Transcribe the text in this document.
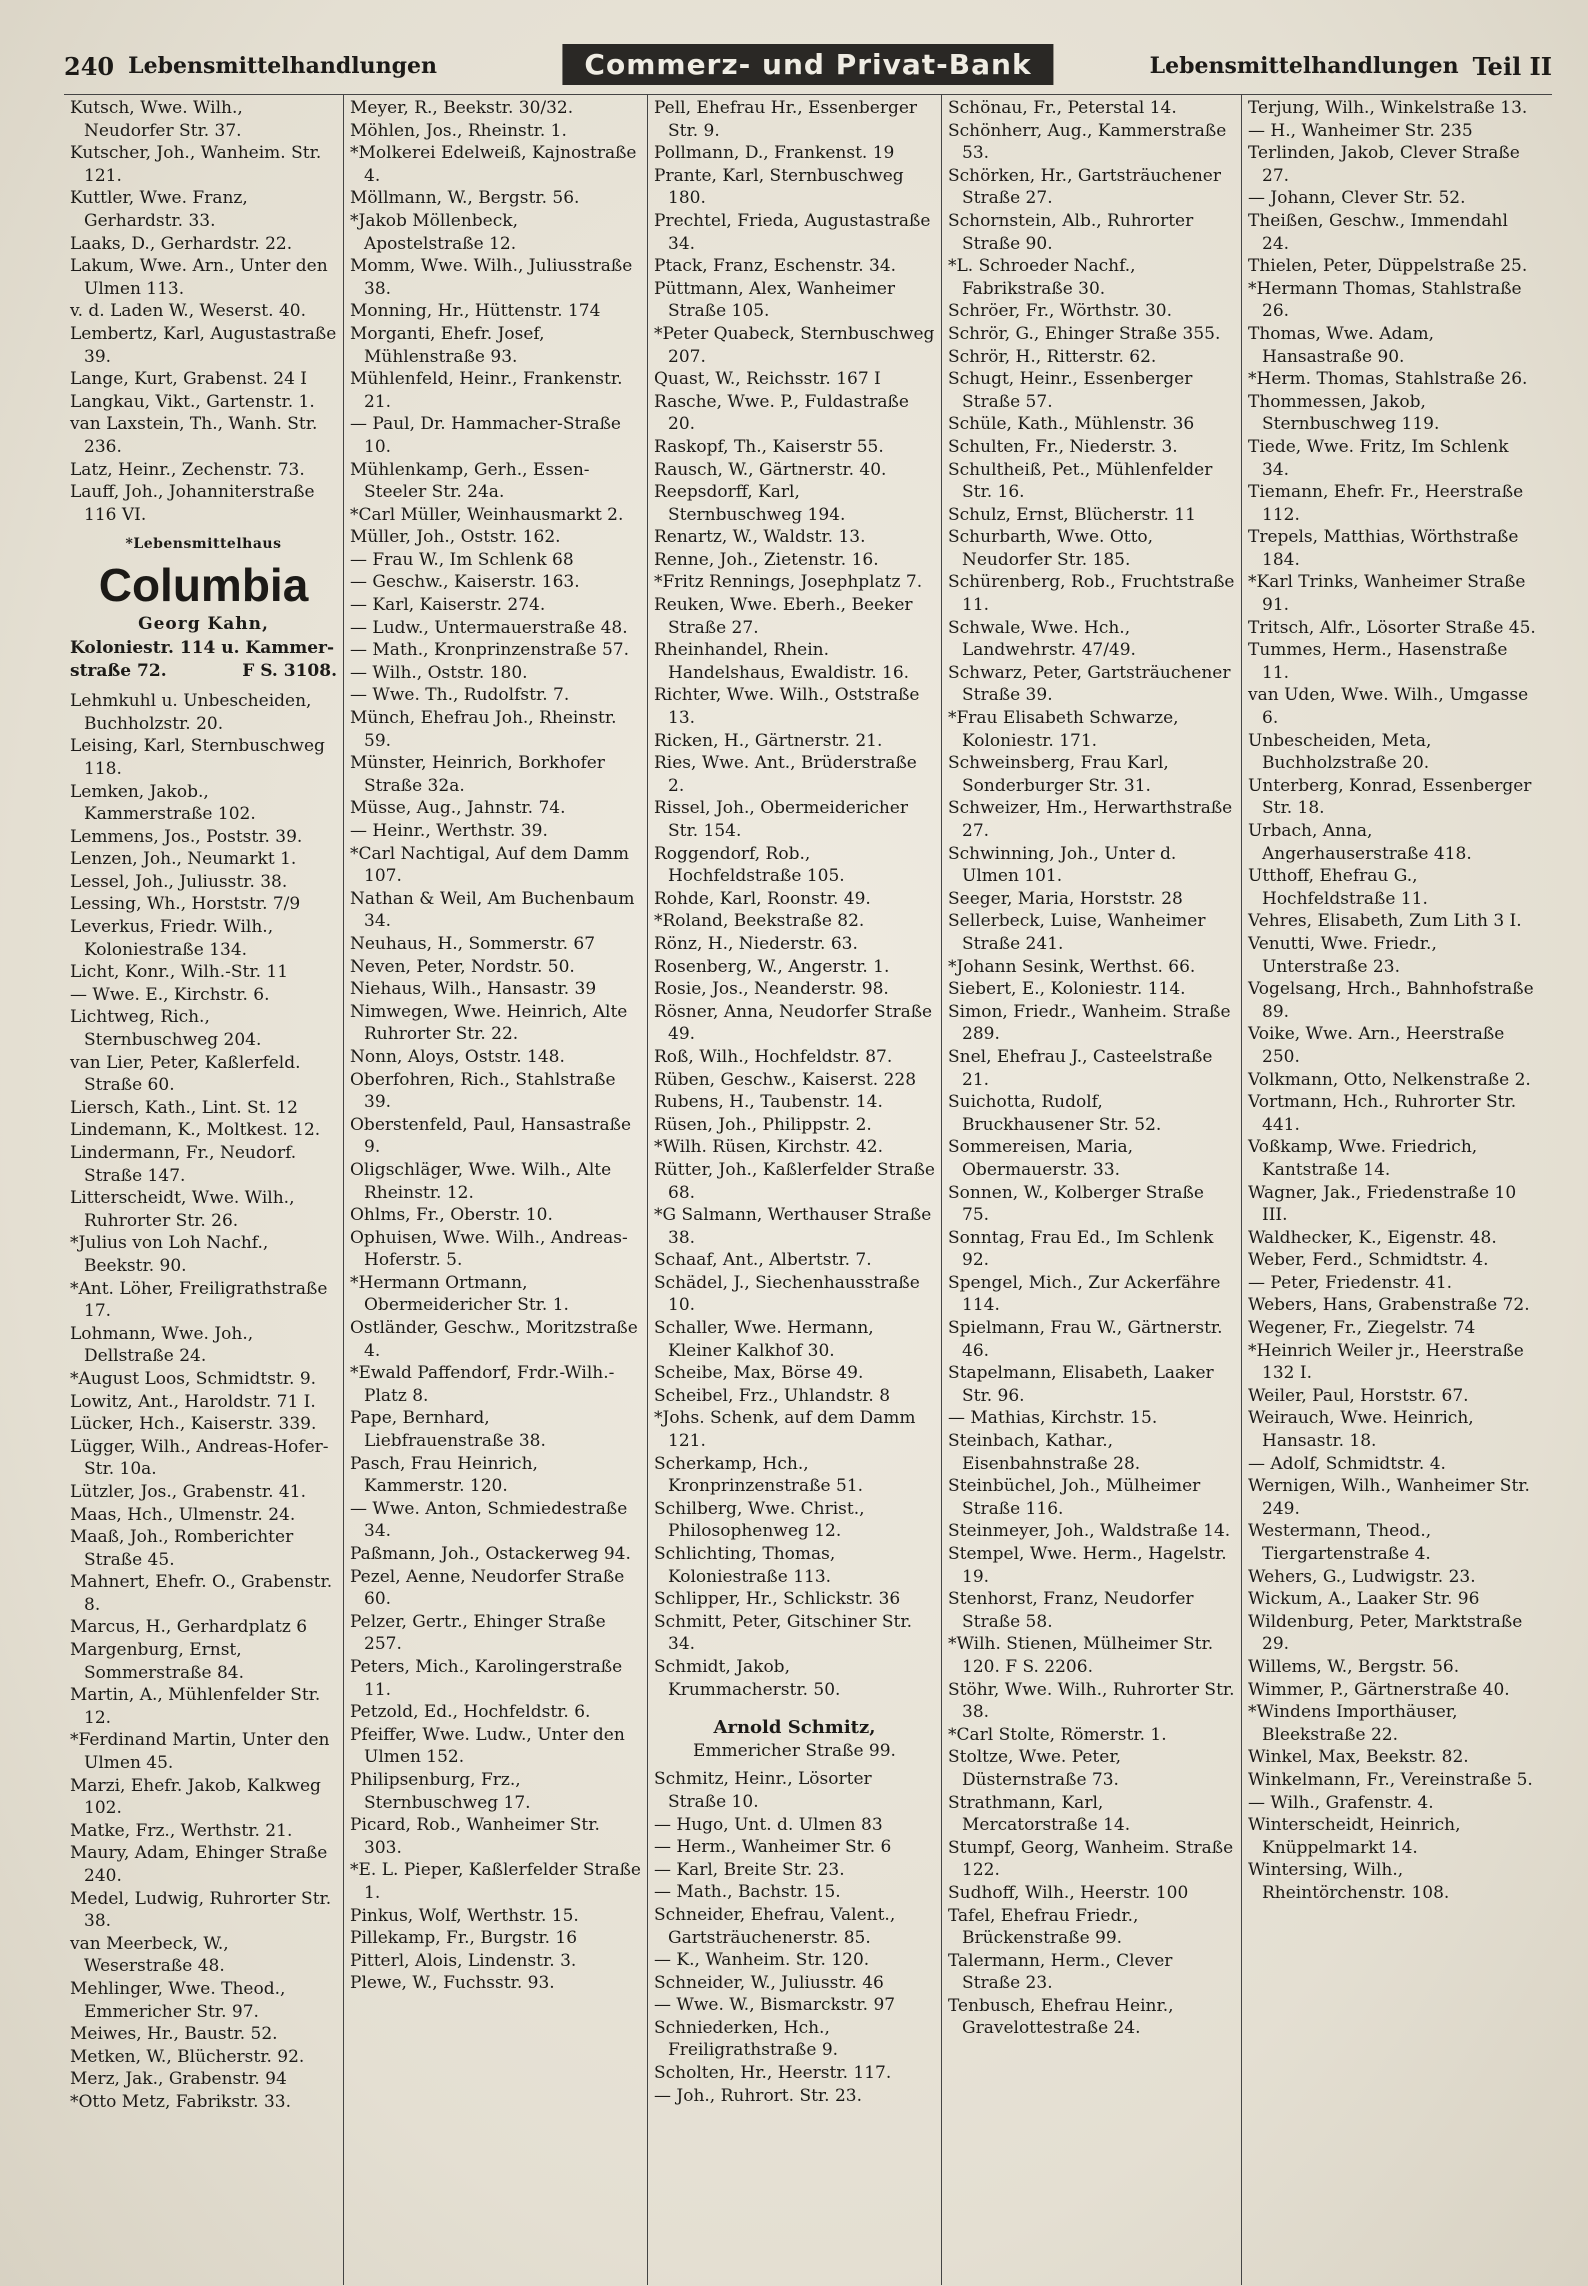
240 Lebensmittelhandlungen	Commerz- und Privat-Bank	Lebensmittelhandlungen Teil II

Kutsch, Wwe. Wilh., Neudorfer Str. 37.

Kutscher, Joh., Wanheim. Str. 121.

Kuttler, Wwe. Franz, Gerhardstr. 33.

Laaks, D., Gerhardstr. 22.

Lakum, Wwe. Arn., Unter den Ulmen 113.

v. d. Laden W., Weserst. 40.

Lembertz, Karl, Augustastraße 39.

Lange, Kurt, Grabenst. 24 I

Langkau, Vikt., Gartenstr. 1.

van Laxstein, Th., Wanh. Str. 236.

Latz, Heinr., Zechenstr. 73.

Lauff, Joh., Johanniterstraße 116 VI.

*Lebensmittelhaus
Columbia
Georg Kahn,
Koloniestr. 114 u. Kammer-
straße 72.	F S. 3108.

Lehmkuhl u. Unbescheiden, Buchholzstr. 20.

Leising, Karl, Sternbuschweg 118.

Lemken, Jakob., Kammerstraße 102.

Lemmens, Jos., Poststr. 39.

Lenzen, Joh., Neumarkt 1.

Lessel, Joh., Juliusstr. 38.

Lessing, Wh., Horststr. 7/9

Leverkus, Friedr. Wilh., Koloniestraße 134.

Licht, Konr., Wilh.-Str. 11

— Wwe. E., Kirchstr. 6.

Lichtweg, Rich., Sternbuschweg 204.

van Lier, Peter, Kaßlerfeld. Straße 60.

Liersch, Kath., Lint. St. 12

Lindemann, K., Moltkest. 12.

Lindermann, Fr., Neudorf. Straße 147.

Litterscheidt, Wwe. Wilh., Ruhrorter Str. 26.

*Julius von Loh Nachf., Beekstr. 90.

*Ant. Löher, Freiligrathstraße 17.

Lohmann, Wwe. Joh., Dellstraße 24.

*August Loos, Schmidtstr. 9.

Lowitz, Ant., Haroldstr. 71 I.

Lücker, Hch., Kaiserstr. 339.

Lügger, Wilh., Andreas-Hofer-Str. 10a.

Lützler, Jos., Grabenstr. 41.

Maas, Hch., Ulmenstr. 24.

Maaß, Joh., Romberichter Straße 45.

Mahnert, Ehefr. O., Grabenstr. 8.

Marcus, H., Gerhardplatz 6

Margenburg, Ernst, Sommerstraße 84.

Martin, A., Mühlenfelder Str. 12.

*Ferdinand Martin, Unter den Ulmen 45.

Marzi, Ehefr. Jakob, Kalkweg 102.

Matke, Frz., Werthstr. 21.

Maury, Adam, Ehinger Straße 240.

Medel, Ludwig, Ruhrorter Str. 38.

van Meerbeck, W., Weserstraße 48.

Mehlinger, Wwe. Theod., Emmericher Str. 97.

Meiwes, Hr., Baustr. 52.

Metken, W., Blücherstr. 92.

Merz, Jak., Grabenstr. 94

*Otto Metz, Fabrikstr. 33.

Meyer, R., Beekstr. 30/32.

Möhlen, Jos., Rheinstr. 1.

*Molkerei Edelweiß, Kajnostraße 4.

Möllmann, W., Bergstr. 56.

*Jakob Möllenbeck, Apostelstraße 12.

Momm, Wwe. Wilh., Juliusstraße 38.

Monning, Hr., Hüttenstr. 174

Morganti, Ehefr. Josef, Mühlenstraße 93.

Mühlenfeld, Heinr., Frankenstr. 21.

— Paul, Dr. Hammacher-Straße 10.

Mühlenkamp, Gerh., Essen-Steeler Str. 24a.

*Carl Müller, Weinhausmarkt 2.

Müller, Joh., Oststr. 162.

— Frau W., Im Schlenk 68

— Geschw., Kaiserstr. 163.

— Karl, Kaiserstr. 274.

— Ludw., Untermauerstraße 48.

— Math., Kronprinzenstraße 57.

— Wilh., Oststr. 180.

— Wwe. Th., Rudolfstr. 7.

Münch, Ehefrau Joh., Rheinstr. 59.

Münster, Heinrich, Borkhofer Straße 32a.

Müsse, Aug., Jahnstr. 74.

— Heinr., Werthstr. 39.

*Carl Nachtigal, Auf dem Damm 107.

Nathan & Weil, Am Buchenbaum 34.

Neuhaus, H., Sommerstr. 67

Neven, Peter, Nordstr. 50.

Niehaus, Wilh., Hansastr. 39

Nimwegen, Wwe. Heinrich, Alte Ruhrorter Str. 22.

Nonn, Aloys, Oststr. 148.

Oberfohren, Rich., Stahlstraße 39.

Oberstenfeld, Paul, Hansastraße 9.

Oligschläger, Wwe. Wilh., Alte Rheinstr. 12.

Ohlms, Fr., Oberstr. 10.

Ophuisen, Wwe. Wilh., Andreas-Hoferstr. 5.

*Hermann Ortmann, Obermeidericher Str. 1.

Ostländer, Geschw., Moritzstraße 4.

*Ewald Paffendorf, Frdr.-Wilh.-Platz 8.

Pape, Bernhard, Liebfrauenstraße 38.

Pasch, Frau Heinrich, Kammerstr. 120.

— Wwe. Anton, Schmiedestraße 34.

Paßmann, Joh., Ostackerweg 94.

Pezel, Aenne, Neudorfer Straße 60.

Pelzer, Gertr., Ehinger Straße 257.

Peters, Mich., Karolingerstraße 11.

Petzold, Ed., Hochfeldstr. 6.

Pfeiffer, Wwe. Ludw., Unter den Ulmen 152.

Philipsenburg, Frz., Sternbuschweg 17.

Picard, Rob., Wanheimer Str. 303.

*E. L. Pieper, Kaßlerfelder Straße 1.

Pinkus, Wolf, Werthstr. 15.

Pillekamp, Fr., Burgstr. 16

Pitterl, Alois, Lindenstr. 3.

Plewe, W., Fuchsstr. 93.

Pell, Ehefrau Hr., Essenberger Str. 9.

Pollmann, D., Frankenst. 19

Prante, Karl, Sternbuschweg 180.

Prechtel, Frieda, Augustastraße 34.

Ptack, Franz, Eschenstr. 34.

Püttmann, Alex, Wanheimer Straße 105.

*Peter Quabeck, Sternbuschweg 207.

Quast, W., Reichsstr. 167 I

Rasche, Wwe. P., Fuldastraße 20.

Raskopf, Th., Kaiserstr 55.

Rausch, W., Gärtnerstr. 40.

Reepsdorff, Karl, Sternbuschweg 194.

Renartz, W., Waldstr. 13.

Renne, Joh., Zietenstr. 16.

*Fritz Rennings, Josephplatz 7.

Reuken, Wwe. Eberh., Beeker Straße 27.

Rheinhandel, Rhein. Handelshaus, Ewaldistr. 16.

Richter, Wwe. Wilh., Oststraße 13.

Ricken, H., Gärtnerstr. 21.

Ries, Wwe. Ant., Brüderstraße 2.

Rissel, Joh., Obermeidericher Str. 154.

Roggendorf, Rob., Hochfeldstraße 105.

Rohde, Karl, Roonstr. 49.

*Roland, Beekstraße 82.

Rönz, H., Niederstr. 63.

Rosenberg, W., Angerstr. 1.

Rosie, Jos., Neanderstr. 98.

Rösner, Anna, Neudorfer Straße 49.

Roß, Wilh., Hochfeldstr. 87.

Rüben, Geschw., Kaiserst. 228

Rubens, H., Taubenstr. 14.

Rüsen, Joh., Philippstr. 2.

*Wilh. Rüsen, Kirchstr. 42.

Rütter, Joh., Kaßlerfelder Straße 68.

*G Salmann, Werthauser Straße 38.

Schaaf, Ant., Albertstr. 7.

Schädel, J., Siechenhausstraße 10.

Schaller, Wwe. Hermann, Kleiner Kalkhof 30.

Scheibe, Max, Börse 49.

Scheibel, Frz., Uhlandstr. 8

*Johs. Schenk, auf dem Damm 121.

Scherkamp, Hch., Kronprinzenstraße 51.

Schilberg, Wwe. Christ., Philosophenweg 12.

Schlichting, Thomas, Koloniestraße 113.

Schlipper, Hr., Schlickstr. 36

Schmitt, Peter, Gitschiner Str. 34.

Schmidt, Jakob, Krummacherstr. 50.

Arnold Schmitz,
Emmericher Straße 99.

Schmitz, Heinr., Lösorter Straße 10.

— Hugo, Unt. d. Ulmen 83

— Herm., Wanheimer Str. 6

— Karl, Breite Str. 23.

— Math., Bachstr. 15.

Schneider, Ehefrau, Valent., Gartsträuchenerstr. 85.

— K., Wanheim. Str. 120.

Schneider, W., Juliusstr. 46

— Wwe. W., Bismarckstr. 97

Schniederken, Hch., Freiligrathstraße 9.

Scholten, Hr., Heerstr. 117.

— Joh., Ruhrort. Str. 23.

Schönau, Fr., Peterstal 14.

Schönherr, Aug., Kammerstraße 53.

Schörken, Hr., Gartsträuchener Straße 27.

Schornstein, Alb., Ruhrorter Straße 90.

*L. Schroeder Nachf., Fabrikstraße 30.

Schröer, Fr., Wörthstr. 30.

Schrör, G., Ehinger Straße 355.

Schrör, H., Ritterstr. 62.

Schugt, Heinr., Essenberger Straße 57.

Schüle, Kath., Mühlenstr. 36

Schulten, Fr., Niederstr. 3.

Schultheiß, Pet., Mühlenfelder Str. 16.

Schulz, Ernst, Blücherstr. 11

Schurbarth, Wwe. Otto, Neudorfer Str. 185.

Schürenberg, Rob., Fruchtstraße 11.

Schwale, Wwe. Hch., Landwehrstr. 47/49.

Schwarz, Peter, Gartsträuchener Straße 39.

*Frau Elisabeth Schwarze, Koloniestr. 171.

Schweinsberg, Frau Karl, Sonderburger Str. 31.

Schweizer, Hm., Herwarthstraße 27.

Schwinning, Joh., Unter d. Ulmen 101.

Seeger, Maria, Horststr. 28

Sellerbeck, Luise, Wanheimer Straße 241.

*Johann Sesink, Werthst. 66.

Siebert, E., Koloniestr. 114.

Simon, Friedr., Wanheim. Straße 289.

Snel, Ehefrau J., Casteelstraße 21.

Suichotta, Rudolf, Bruckhausener Str. 52.

Sommereisen, Maria, Obermauerstr. 33.

Sonnen, W., Kolberger Straße 75.

Sonntag, Frau Ed., Im Schlenk 92.

Spengel, Mich., Zur Ackerfähre 114.

Spielmann, Frau W., Gärtnerstr. 46.

Stapelmann, Elisabeth, Laaker Str. 96.

— Mathias, Kirchstr. 15.

Steinbach, Kathar., Eisenbahnstraße 28.

Steinbüchel, Joh., Mülheimer Straße 116.

Steinmeyer, Joh., Waldstraße 14.

Stempel, Wwe. Herm., Hagelstr. 19.

Stenhorst, Franz, Neudorfer Straße 58.

*Wilh. Stienen, Mülheimer Str. 120. F S. 2206.

Stöhr, Wwe. Wilh., Ruhrorter Str. 38.

*Carl Stolte, Römerstr. 1.

Stoltze, Wwe. Peter, Düsternstraße 73.

Strathmann, Karl, Mercatorstraße 14.

Stumpf, Georg, Wanheim. Straße 122.

Sudhoff, Wilh., Heerstr. 100

Tafel, Ehefrau Friedr., Brückenstraße 99.

Talermann, Herm., Clever Straße 23.

Tenbusch, Ehefrau Heinr., Gravelottestraße 24.

Terjung, Wilh., Winkelstraße 13.

— H., Wanheimer Str. 235

Terlinden, Jakob, Clever Straße 27.

— Johann, Clever Str. 52.

Theißen, Geschw., Immendahl 24.

Thielen, Peter, Düppelstraße 25.

*Hermann Thomas, Stahlstraße 26.

Thomas, Wwe. Adam, Hansastraße 90.

*Herm. Thomas, Stahlstraße 26.

Thommessen, Jakob, Sternbuschweg 119.

Tiede, Wwe. Fritz, Im Schlenk 34.

Tiemann, Ehefr. Fr., Heerstraße 112.

Trepels, Matthias, Wörthstraße 184.

*Karl Trinks, Wanheimer Straße 91.

Tritsch, Alfr., Lösorter Straße 45.

Tummes, Herm., Hasenstraße 11.

van Uden, Wwe. Wilh., Umgasse 6.

Unbescheiden, Meta, Buchholzstraße 20.

Unterberg, Konrad, Essenberger Str. 18.

Urbach, Anna, Angerhauserstraße 418.

Utthoff, Ehefrau G., Hochfeldstraße 11.

Vehres, Elisabeth, Zum Lith 3 I.

Venutti, Wwe. Friedr., Unterstraße 23.

Vogelsang, Hrch., Bahnhofstraße 89.

Voike, Wwe. Arn., Heerstraße 250.

Volkmann, Otto, Nelkenstraße 2.

Vortmann, Hch., Ruhrorter Str. 441.

Voßkamp, Wwe. Friedrich, Kantstraße 14.

Wagner, Jak., Friedenstraße 10 III.

Waldhecker, K., Eigenstr. 48.

Weber, Ferd., Schmidtstr. 4.

— Peter, Friedenstr. 41.

Webers, Hans, Grabenstraße 72.

Wegener, Fr., Ziegelstr. 74

*Heinrich Weiler jr., Heerstraße 132 I.

Weiler, Paul, Horststr. 67.

Weirauch, Wwe. Heinrich, Hansastr. 18.

— Adolf, Schmidtstr. 4.

Wernigen, Wilh., Wanheimer Str. 249.

Westermann, Theod., Tiergartenstraße 4.

Wehers, G., Ludwigstr. 23.

Wickum, A., Laaker Str. 96

Wildenburg, Peter, Marktstraße 29.

Willems, W., Bergstr. 56.

Wimmer, P., Gärtnerstraße 40.

*Windens Importhäuser, Bleekstraße 22.

Winkel, Max, Beekstr. 82.

Winkelmann, Fr., Vereinstraße 5.

— Wilh., Grafenstr. 4.

Winterscheidt, Heinrich, Knüppelmarkt 14.

Wintersing, Wilh., Rheintörchenstr. 108.
